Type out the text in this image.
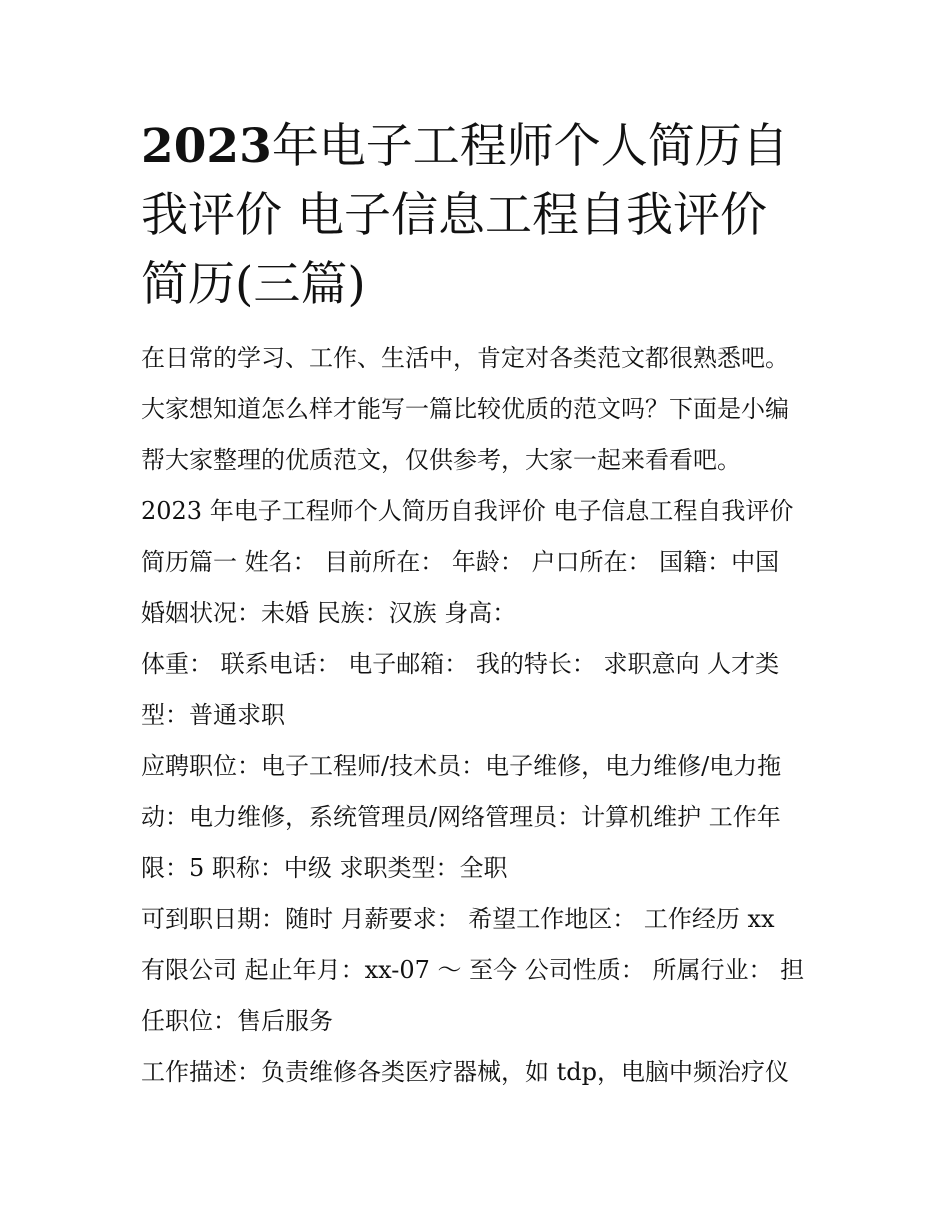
2023年电子工程师个人简历自
我评价 电子信息工程自我评价
简历(三篇)
在日常的学习、工作、生活中，肯定对各类范文都很熟悉吧。
大家想知道怎么样才能写一篇比较优质的范文吗？下面是小编
帮大家整理的优质范文，仅供参考，大家一起来看看吧。
2023 年电子工程师个人简历自我评价 电子信息工程自我评价
简历篇一 姓名： 目前所在： 年龄： 户口所在： 国籍：中国
婚姻状况：未婚 民族：汉族 身高：
体重： 联系电话： 电子邮箱： 我的特长： 求职意向 人才类
型：普通求职
应聘职位：电子工程师/技术员：电子维修，电力维修/电力拖
动：电力维修，系统管理员/网络管理员：计算机维护 工作年
限：5 职称：中级 求职类型：全职
可到职日期：随时 月薪要求： 希望工作地区： 工作经历 xx
有限公司 起止年月：xx-07 ～ 至今 公司性质： 所属行业： 担
任职位：售后服务
工作描述：负责维修各类医疗器械，如 tdp，电脑中频治疗仪
